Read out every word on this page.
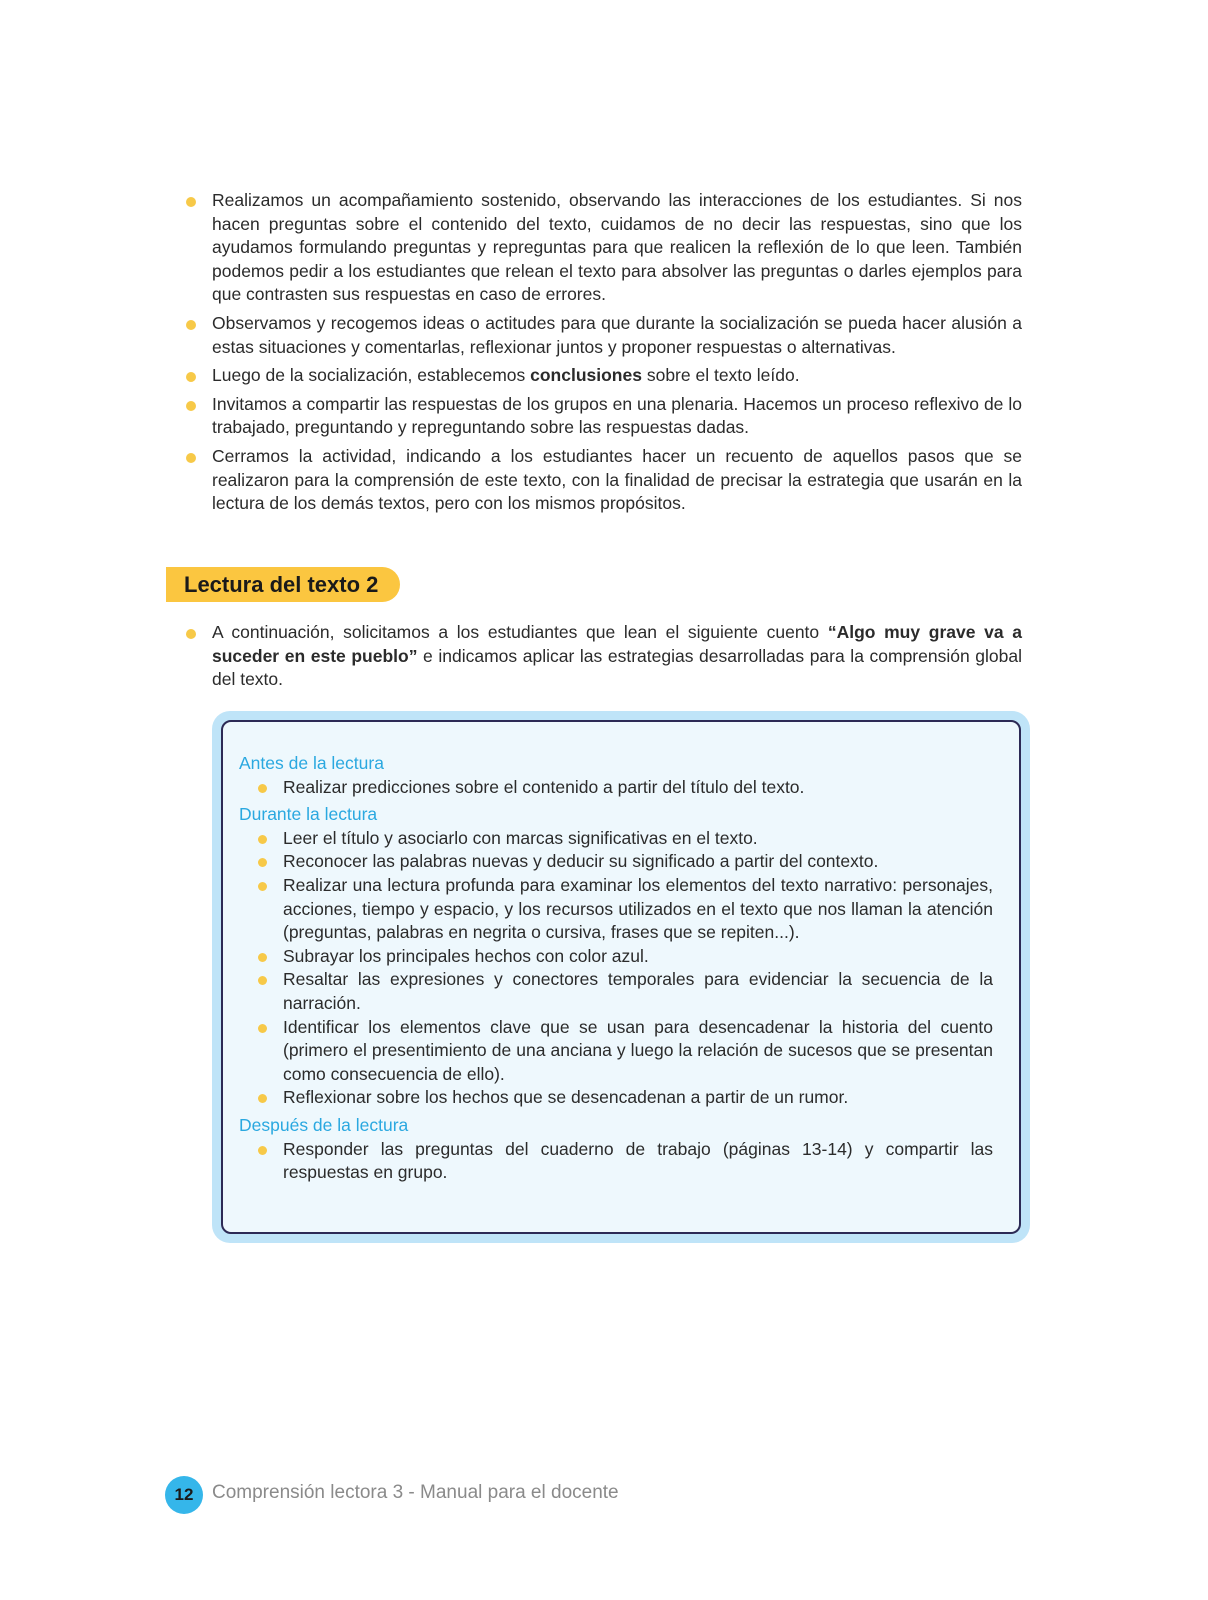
Realizamos un acompañamiento sostenido, observando las interacciones de los estudiantes. Si nos hacen preguntas sobre el contenido del texto, cuidamos de no decir las respuestas, sino que los ayudamos formulando preguntas y repreguntas para que realicen la reflexión de lo que leen. También podemos pedir a los estudiantes que relean el texto para absolver las preguntas o darles ejemplos para que contrasten sus respuestas en caso de errores.
Observamos y recogemos ideas o actitudes para que durante la socialización se pueda hacer alusión a estas situaciones y comentarlas, reflexionar juntos y proponer respuestas o alternativas.
Luego de la socialización, establecemos conclusiones sobre el texto leído.
Invitamos a compartir las respuestas de los grupos en una plenaria. Hacemos un proceso reflexivo de lo trabajado, preguntando y repreguntando sobre las respuestas dadas.
Cerramos la actividad, indicando a los estudiantes hacer un recuento de aquellos pasos que se realizaron para la comprensión de este texto, con la finalidad de precisar la estrategia que usarán en la lectura de los demás textos, pero con los mismos propósitos.
Lectura del texto 2
A continuación, solicitamos a los estudiantes que lean el siguiente cuento “Algo muy grave va a suceder en este pueblo” e indicamos aplicar las estrategias desarrolladas para la comprensión global del texto.
Antes de la lectura
Realizar predicciones sobre el contenido a partir del título del texto.
Durante la lectura
Leer el título y asociarlo con marcas significativas en el texto.
Reconocer las palabras nuevas y deducir su significado a partir del contexto.
Realizar una lectura profunda para examinar los elementos del texto narrativo: personajes, acciones, tiempo y espacio, y los recursos utilizados en el texto que nos llaman la atención (preguntas, palabras en negrita o cursiva, frases que se repiten...).
Subrayar los principales hechos con color azul.
Resaltar las expresiones y conectores temporales para evidenciar la secuencia de la narración.
Identificar los elementos clave que se usan para desencadenar la historia del cuento (primero el presentimiento de una anciana y luego la relación de sucesos que se presentan como consecuencia de ello).
Reflexionar sobre los hechos que se desencadenan a partir de un rumor.
Después de la lectura
Responder las preguntas del cuaderno de trabajo (páginas 13-14) y compartir las respuestas en grupo.
12 Comprensión lectora 3 - Manual para el docente
